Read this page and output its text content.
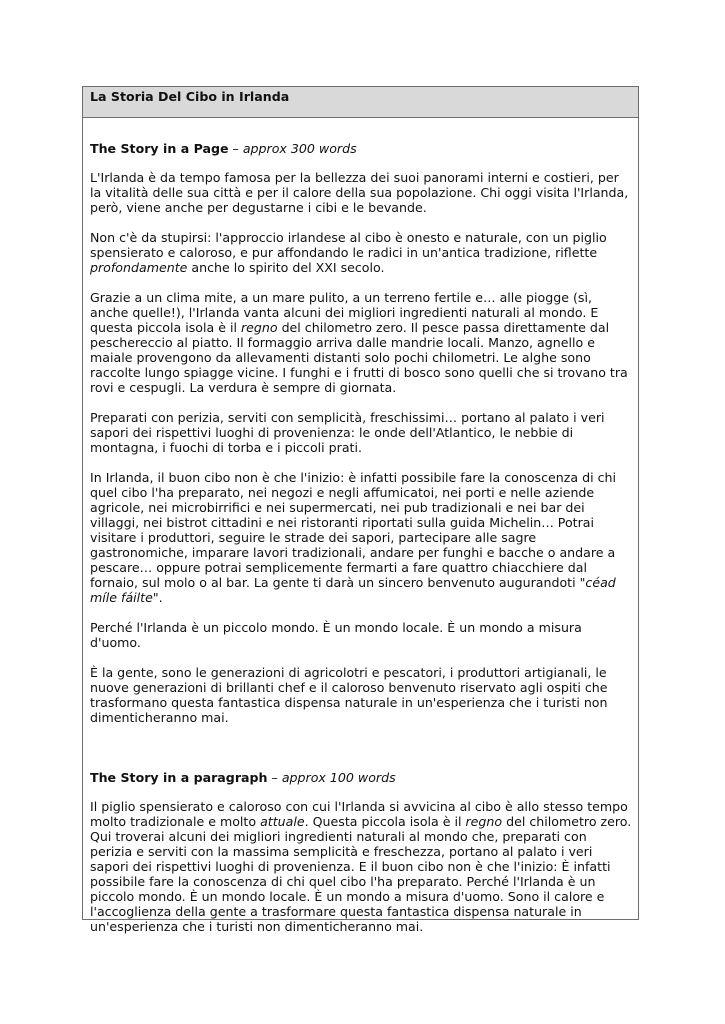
La Storia Del Cibo in Irlanda
The Story in a Page – approx 300 words

L'Irlanda è da tempo famosa per la bellezza dei suoi panorami interni e costieri, per la vitalità delle sua città e per il calore della sua popolazione. Chi oggi visita l'Irlanda, però, viene anche per degustarne i cibi e le bevande.

Non c'è da stupirsi: l'approccio irlandese al cibo è onesto e naturale, con un piglio spensierato e caloroso, e pur affondando le radici in un'antica tradizione, riflette profondamente anche lo spirito del XXI secolo.

Grazie a un clima mite, a un mare pulito, a un terreno fertile e… alle piogge (sì, anche quelle!), l'Irlanda vanta alcuni dei migliori ingredienti naturali al mondo. E questa piccola isola è il regno del chilometro zero. Il pesce passa direttamente dal peschereccio al piatto. Il formaggio arriva dalle mandrie locali. Manzo, agnello e maiale provengono da allevamenti distanti solo pochi chilometri. Le alghe sono raccolte lungo spiagge vicine. I funghi e i frutti di bosco sono quelli che si trovano tra rovi e cespugli. La verdura è sempre di giornata.

Preparati con perizia, serviti con semplicità, freschissimi… portano al palato i veri sapori dei rispettivi luoghi di provenienza: le onde dell'Atlantico, le nebbie di montagna, i fuochi di torba e i piccoli prati.

In Irlanda, il buon cibo non è che l'inizio: è infatti possibile fare la conoscenza di chi quel cibo l'ha preparato, nei negozi e negli affumicatoi, nei porti e nelle aziende agricole, nei microbirrifici e nei supermercati, nei pub tradizionali e nei bar dei villaggi, nei bistrot cittadini e nei ristoranti riportati sulla guida Michelin… Potrai visitare i produttori, seguire le strade dei sapori, partecipare alle sagre gastronomiche, imparare lavori tradizionali, andare per funghi e bacche o andare a pescare… oppure potrai semplicemente fermarti a fare quattro chiacchiere dal fornaio, sul molo o al bar. La gente ti darà un sincero benvenuto augurandoti "céad míle fáilte".

Perché l'Irlanda è un piccolo mondo. È un mondo locale. È un mondo a misura d'uomo.

È la gente, sono le generazioni di agricolotri e pescatori, i produttori artigianali, le nuove generazioni di brillanti chef e il caloroso benvenuto riservato agli ospiti che trasformano questa fantastica dispensa naturale in un'esperienza che i turisti non dimenticheranno mai.

The Story in a paragraph – approx 100 words

Il piglio spensierato e caloroso con cui l'Irlanda si avvicina al cibo è allo stesso tempo molto tradizionale e molto attuale. Questa piccola isola è il regno del chilometro zero. Qui troverai alcuni dei migliori ingredienti naturali al mondo che, preparati con perizia e serviti con la massima semplicità e freschezza, portano al palato i veri sapori dei rispettivi luoghi di provenienza. E il buon cibo non è che l'inizio: È infatti possibile fare la conoscenza di chi quel cibo l'ha preparato. Perché l'Irlanda è un piccolo mondo. È un mondo locale. È un mondo a misura d'uomo. Sono il calore e l'accoglienza della gente a trasformare questa fantastica dispensa naturale in un'esperienza che i turisti non dimenticheranno mai.
